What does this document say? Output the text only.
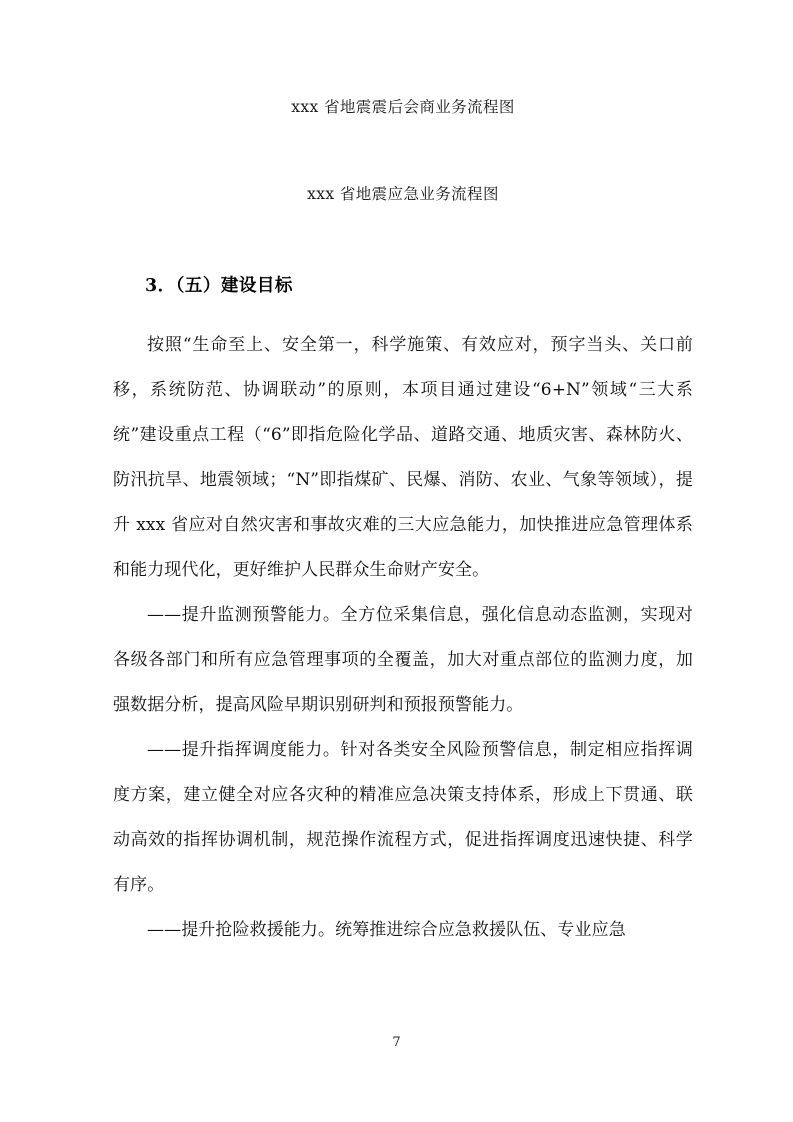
xxx 省地震震后会商业务流程图
xxx 省地震应急业务流程图
3．（五）建设目标

按照“生命至上、安全第一，科学施策、有效应对，预字当头、关口前移，系统防范、协调联动”的原则，本项目通过建设“6+N”领域“三大系统”建设重点工程（“6”即指危险化学品、道路交通、地质灾害、森林防火、防汛抗旱、地震领域；“N”即指煤矿、民爆、消防、农业、气象等领域），提升 xxx 省应对自然灾害和事故灾难的三大应急能力，加快推进应急管理体系和能力现代化，更好维护人民群众生命财产安全。

——提升监测预警能力。全方位采集信息，强化信息动态监测，实现对各级各部门和所有应急管理事项的全覆盖，加大对重点部位的监测力度，加强数据分析，提高风险早期识别研判和预报预警能力。

——提升指挥调度能力。针对各类安全风险预警信息，制定相应指挥调度方案，建立健全对应各灾种的精准应急决策支持体系，形成上下贯通、联动高效的指挥协调机制，规范操作流程方式，促进指挥调度迅速快捷、科学有序。

——提升抢险救援能力。统筹推进综合应急救援队伍、专业应急

7
